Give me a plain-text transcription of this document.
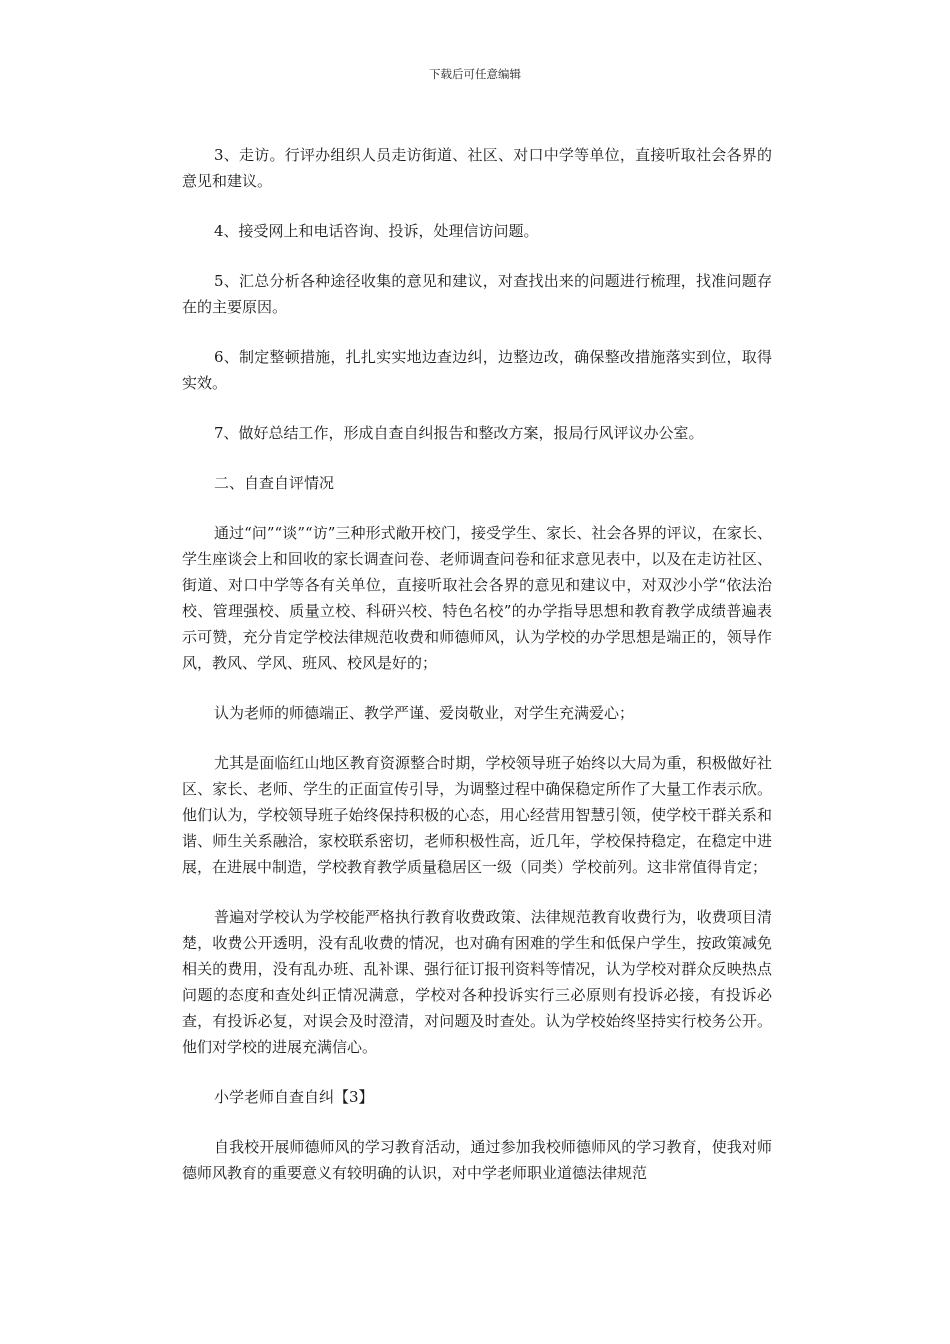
下载后可任意编辑

3、走访。行评办组织人员走访街道、社区、对口中学等单位，直接听取社会各界的意见和建议。

4、接受网上和电话咨询、投诉，处理信访问题。

5、汇总分析各种途径收集的意见和建议，对查找出来的问题进行梳理，找准问题存在的主要原因。

6、制定整顿措施，扎扎实实地边查边纠，边整边改，确保整改措施落实到位，取得实效。

7、做好总结工作，形成自查自纠报告和整改方案，报局行风评议办公室。

二、自查自评情况

通过“问”“谈”“访”三种形式敞开校门，接受学生、家长、社会各界的评议，在家长、学生座谈会上和回收的家长调查问卷、老师调查问卷和征求意见表中，以及在走访社区、街道、对口中学等各有关单位，直接听取社会各界的意见和建议中，对双沙小学“依法治校、管理强校、质量立校、科研兴校、特色名校”的办学指导思想和教育教学成绩普遍表示可赞，充分肯定学校法律规范收费和师德师风，认为学校的办学思想是端正的，领导作风，教风、学风、班风、校风是好的；

认为老师的师德端正、教学严谨、爱岗敬业，对学生充满爱心；

尤其是面临红山地区教育资源整合时期，学校领导班子始终以大局为重，积极做好社区、家长、老师、学生的正面宣传引导，为调整过程中确保稳定所作了大量工作表示欣。他们认为，学校领导班子始终保持积极的心态，用心经营用智慧引领，使学校干群关系和谐、师生关系融洽，家校联系密切，老师积极性高，近几年，学校保持稳定，在稳定中进展，在进展中制造，学校教育教学质量稳居区一级（同类）学校前列。这非常值得肯定；

普遍对学校认为学校能严格执行教育收费政策、法律规范教育收费行为，收费项目清楚，收费公开透明，没有乱收费的情况，也对确有困难的学生和低保户学生，按政策减免相关的费用，没有乱办班、乱补课、强行征订报刊资料等情况，认为学校对群众反映热点问题的态度和查处纠正情况满意，学校对各种投诉实行三必原则有投诉必接，有投诉必查，有投诉必复，对误会及时澄清，对问题及时查处。认为学校始终坚持实行校务公开。他们对学校的进展充满信心。

小学老师自查自纠【3】

自我校开展师德师风的学习教育活动，通过参加我校师德师风的学习教育，使我对师德师风教育的重要意义有较明确的认识，对中学老师职业道德法律规范
